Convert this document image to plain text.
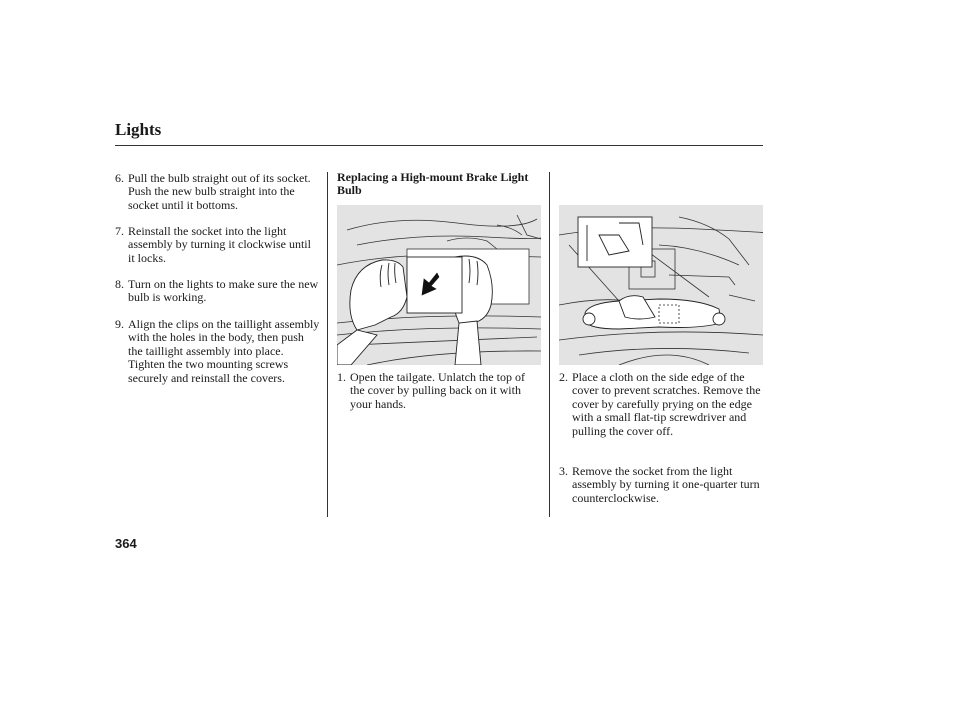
Lights
6. Pull the bulb straight out of its socket. Push the new bulb straight into the socket until it bottoms.
7. Reinstall the socket into the light assembly by turning it clockwise until it locks.
8. Turn on the lights to make sure the new bulb is working.
9. Align the clips on the taillight assembly with the holes in the body, then push the taillight assembly into place. Tighten the two mounting screws securely and reinstall the covers.
Replacing a High-mount Brake Light Bulb
1. Open the tailgate. Unlatch the top of the cover by pulling back on it with your hands.
2. Place a cloth on the side edge of the cover to prevent scratches. Remove the cover by carefully prying on the edge with a small flat-tip screwdriver and pulling the cover off.
3. Remove the socket from the light assembly by turning it one-quarter turn counterclockwise.
364
